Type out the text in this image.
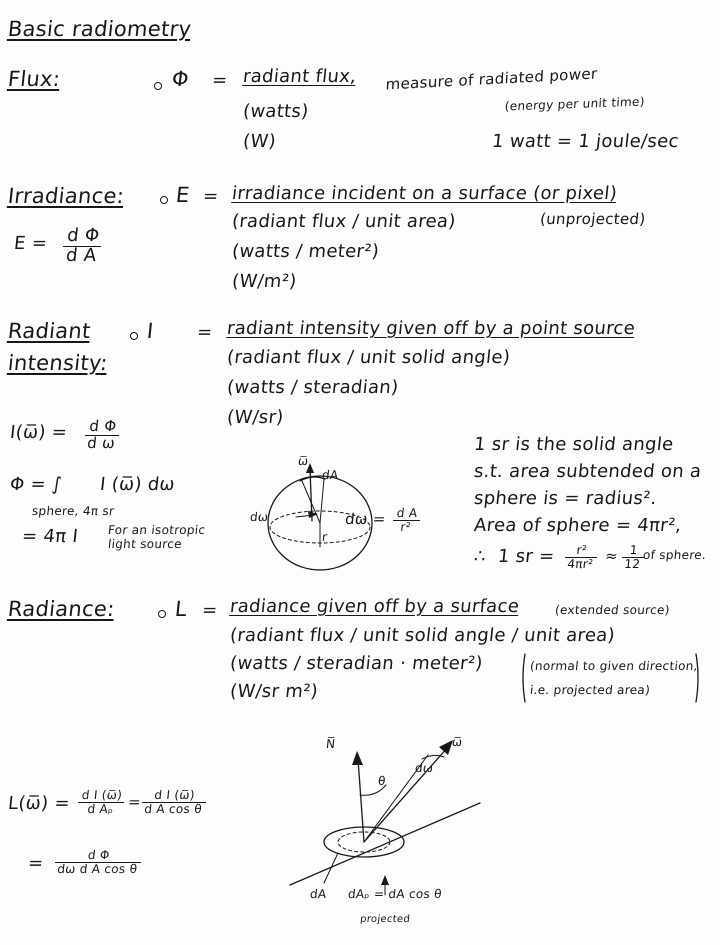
Basic radiometry
Flux:	Φ = radiant flux, measure of radiated power
(energy per unit time)
(watts)
(W)	1 watt = 1 joule/sec
Irradiance: E = irradiance incident on a surface (or pixel)
(unprojected)
(radiant flux / unit area)
(watts / meter²)
(W/m²)
$E = \frac{\text{d Φ}}{\text{d A}}$
Radiant
intensity:
I = radiant intensity given off by a point source
(radiant flux / unit solid angle)
(watts / steradian)
(W/sr)
I(ω̅) = $\frac{\text{d Φ}}{\text{d ω}}$
Φ = ∫
sphere, 4π sr
I (ω̅) dω
= 4π I For an isotropic
light source
ω̅
dA
dω
r
$d\omega = \frac{\text{d A}}{\text{r²}}$
1 sr is the solid angle
s.t. area subtended on a
sphere is = radius².
Area of sphere = 4πr²,
∴  1 sr = $\frac{\text{r²}}{\text{4πr²}} \approx \frac{1}{12}$
of sphere.
Radiance:	L = radiance given off by a surface	(extended source)
(radiant flux / unit solid angle / unit area)
(watts / steradian · meter²)
(W/sr m²)
(normal to given direction,
i.e. projected area)
L(ω̅) = $\frac{\text{d I (ω̅)}}{\text{d Aₚ}}$ =
$\frac{\text{d I (ω̅)}}{\text{d A cos θ}}$
= $\frac{\text{d Φ}}{\text{dω d A cos θ}}$
N̅	ω̅
θ
dω
dA dAₚ = dA cos θ
projected
